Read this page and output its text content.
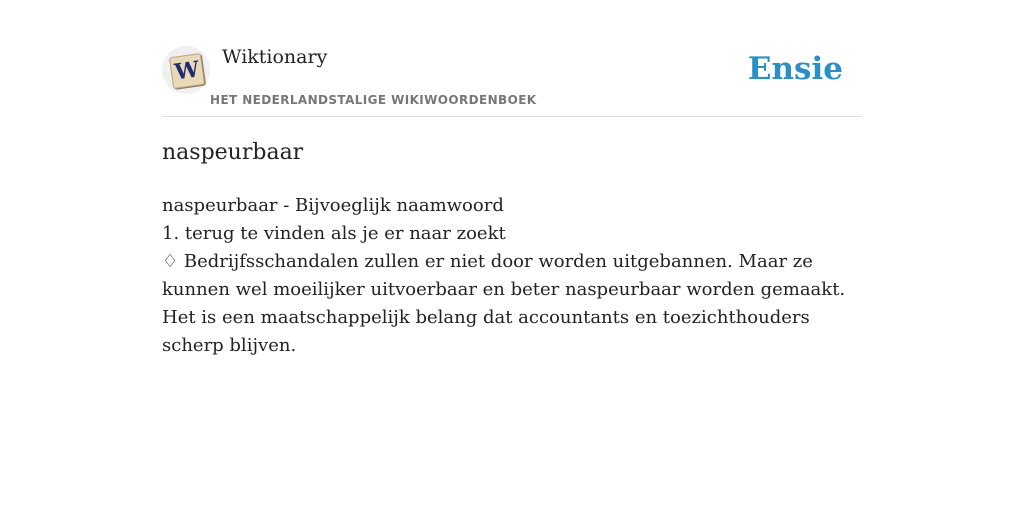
W Wiktionary
HET NEDERLANDSTALIGE WIKIWOORDENBOEK
Ensie
naspeurbaar

naspeurbaar - Bijvoeglijk naamwoord

1. terug te vinden als je er naar zoekt

♢ Bedrijfsschandalen zullen er niet door worden uitgebannen. Maar ze kunnen wel moeilijker uitvoerbaar en beter naspeurbaar worden gemaakt. Het is een maatschappelijk belang dat accountants en toezichthouders scherp blijven.
